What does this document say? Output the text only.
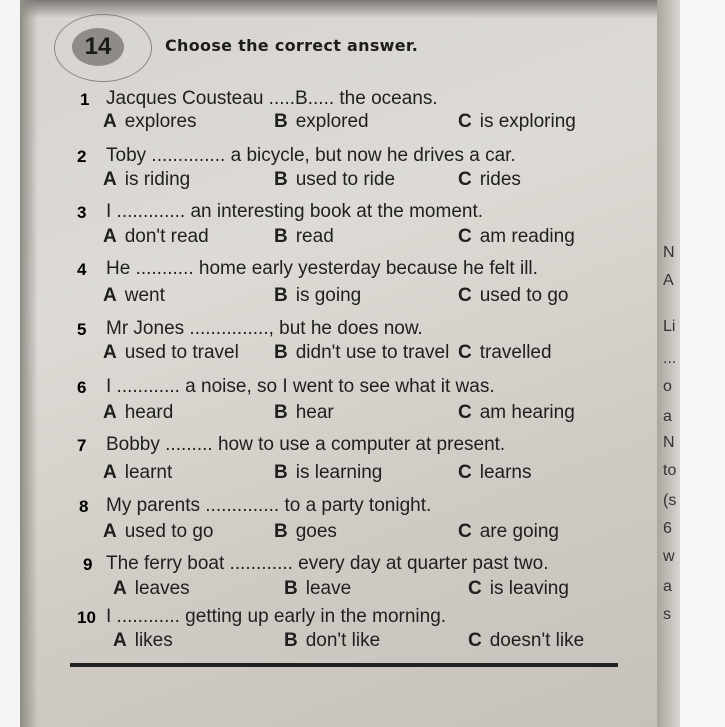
14	Choose the correct answer.
1 Jacques Cousteau .....B..... the oceans.
A explores	B explored	C is exploring
2 Toby .............. a bicycle, but now he drives a car.
A is riding	B used to ride	C rides
3 I ............. an interesting book at the moment.
A don't read	B read	C am reading
4 He ........... home early yesterday because he felt ill.
A went	B is going	C used to go
5 Mr Jones ..............., but he does now.
A used to travel B didn't use to travel C travelled
6 I ............ a noise, so I went to see what it was.
A heard	B hear	C am hearing
7 Bobby ......... how to use a computer at present.
A learnt	B is learning	C learns
8 My parents .............. to a party tonight.
A used to go	B goes	C are going
9 The ferry boat ............ every day at quarter past two.
A leaves	B leave	C is leaving
10 I ............ getting up early in the morning.
A likes	B don't like	C doesn't like
N
A
Li
...
o
a
N
to
(s
6
w
a
s
